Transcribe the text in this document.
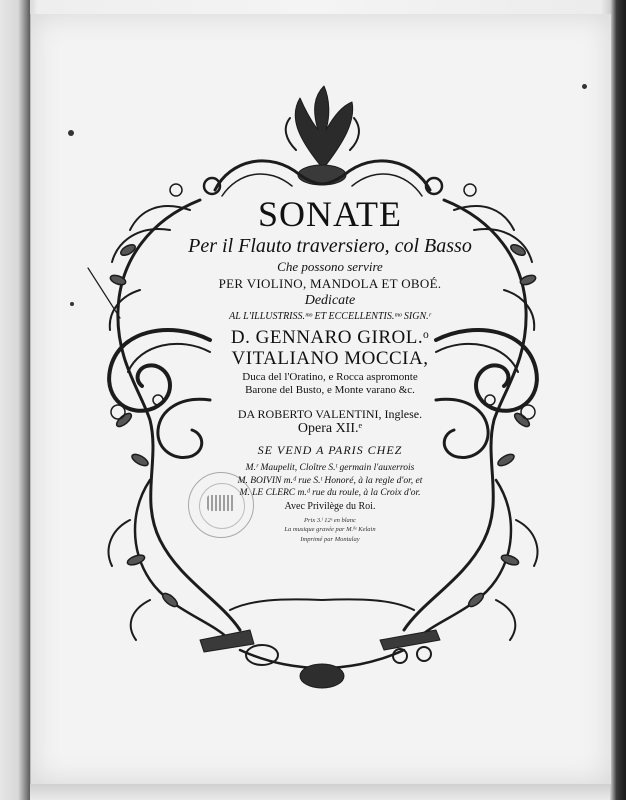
SONATE
Per il Flauto traversiero, col Basso
Che possono servire
PER VIOLINO, MANDOLA ET OBOÉ.
Dedicate
AL L'ILLUSTRISS.ᵐᵒ ET ECCELLENTIS.ᵐᵒ SIGN.ʳ
D. GENNARO GIROL.ᵒ
VITALIANO MOCCIA,
Duca del l'Oratino, e Rocca aspromonte
Barone del Busto, e Monte varano &c.
DA ROBERTO VALENTINI, Inglese.
Opera XII.ᵉ
SE VEND A PARIS CHEZ
M.ʳ Maupelit, Cloître S.ᵗ germain l'auxerrois
M. BOIVIN m.ᵈ rue S.ᵗ Honoré, à la regle d'or, et
M. LE CLERC m.ᵈ rue du roule, à la Croix d'or.
Avec Privilège du Roi.
Prix 3.ˡ 12ˢ en blanc
La musique gravée par M.ˡˡᵉ Kelain
Imprimé par Montulay
